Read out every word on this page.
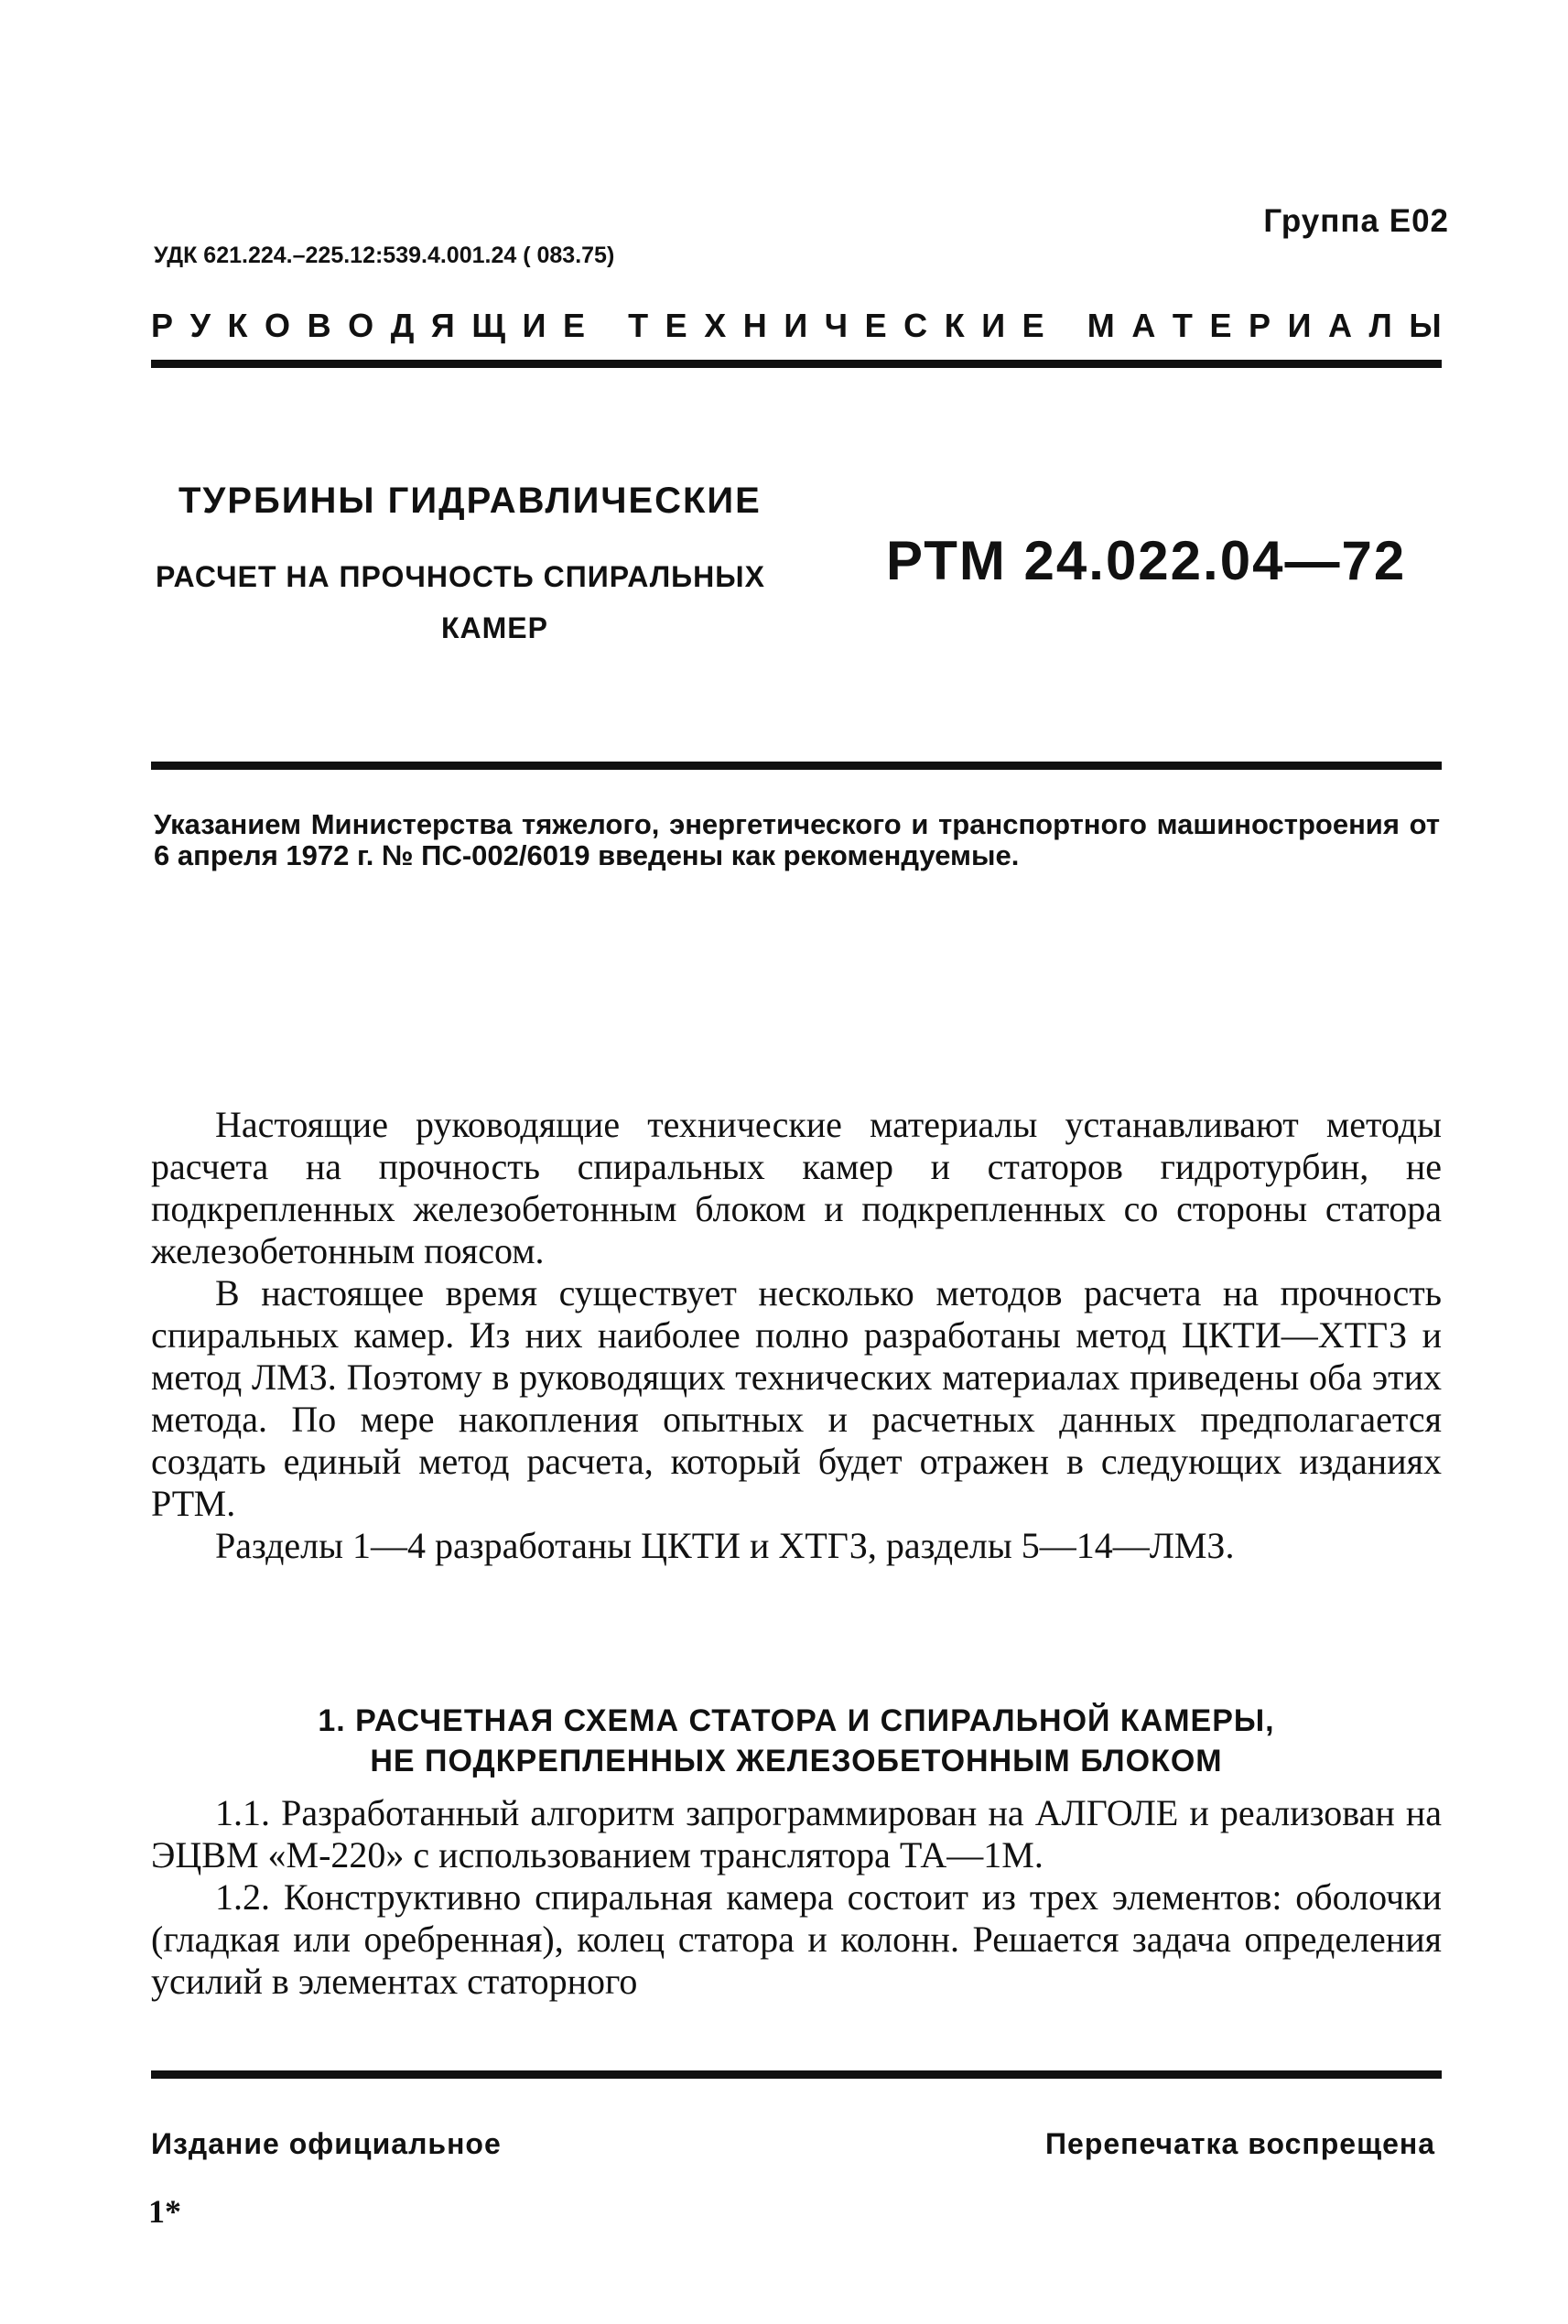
Группа Е02
УДК 621.224.–225.12:539.4.001.24 ( 083.75)
Р У К О В О Д Я Щ И Е
Т Е Х Н И Ч Е С К И Е
М А Т Е Р И А Л Ы
ТУРБИНЫ ГИДРАВЛИЧЕСКИЕ
РАСЧЕТ НА ПРОЧНОСТЬ СПИРАЛЬНЫХ
КАМЕР
РТМ 24.022.04—72
Указанием Министерства тяжелого, энергетического и транспортного машиностроения от 6 апреля 1972 г. № ПС-002/6019 введены как рекомендуемые.

Настоящие руководящие технические материалы устанавливают методы расчета на прочность спиральных камер и статоров гидротурбин, не подкрепленных железобетонным блоком и подкрепленных со стороны статора железобетонным поясом.

В настоящее время существует несколько методов расчета на прочность спиральных камер. Из них наиболее полно разработаны метод ЦКТИ—ХТГЗ и метод ЛМЗ. Поэтому в руководящих технических материалах приведены оба этих метода. По мере накопления опытных и расчетных данных предполагается создать единый метод расчета, который будет отражен в следующих изданиях РТМ.

Разделы 1—4 разработаны ЦКТИ и ХТГЗ, разделы 5—14—ЛМЗ.

1. РАСЧЕТНАЯ СХЕМА СТАТОРА И СПИРАЛЬНОЙ КАМЕРЫ,
НЕ ПОДКРЕПЛЕННЫХ ЖЕЛЕЗОБЕТОННЫМ БЛОКОМ

1.1. Разработанный алгоритм запрограммирован на АЛГОЛЕ и реализован на ЭЦВМ «М-220» с использованием транслятора ТА—1М.

1.2. Конструктивно спиральная камера состоит из трех элементов: оболочки (гладкая или оребренная), колец статора и колонн. Решается задача определения усилий в элементах статорного

Издание официальное	Перепечатка воспрещена
1*
